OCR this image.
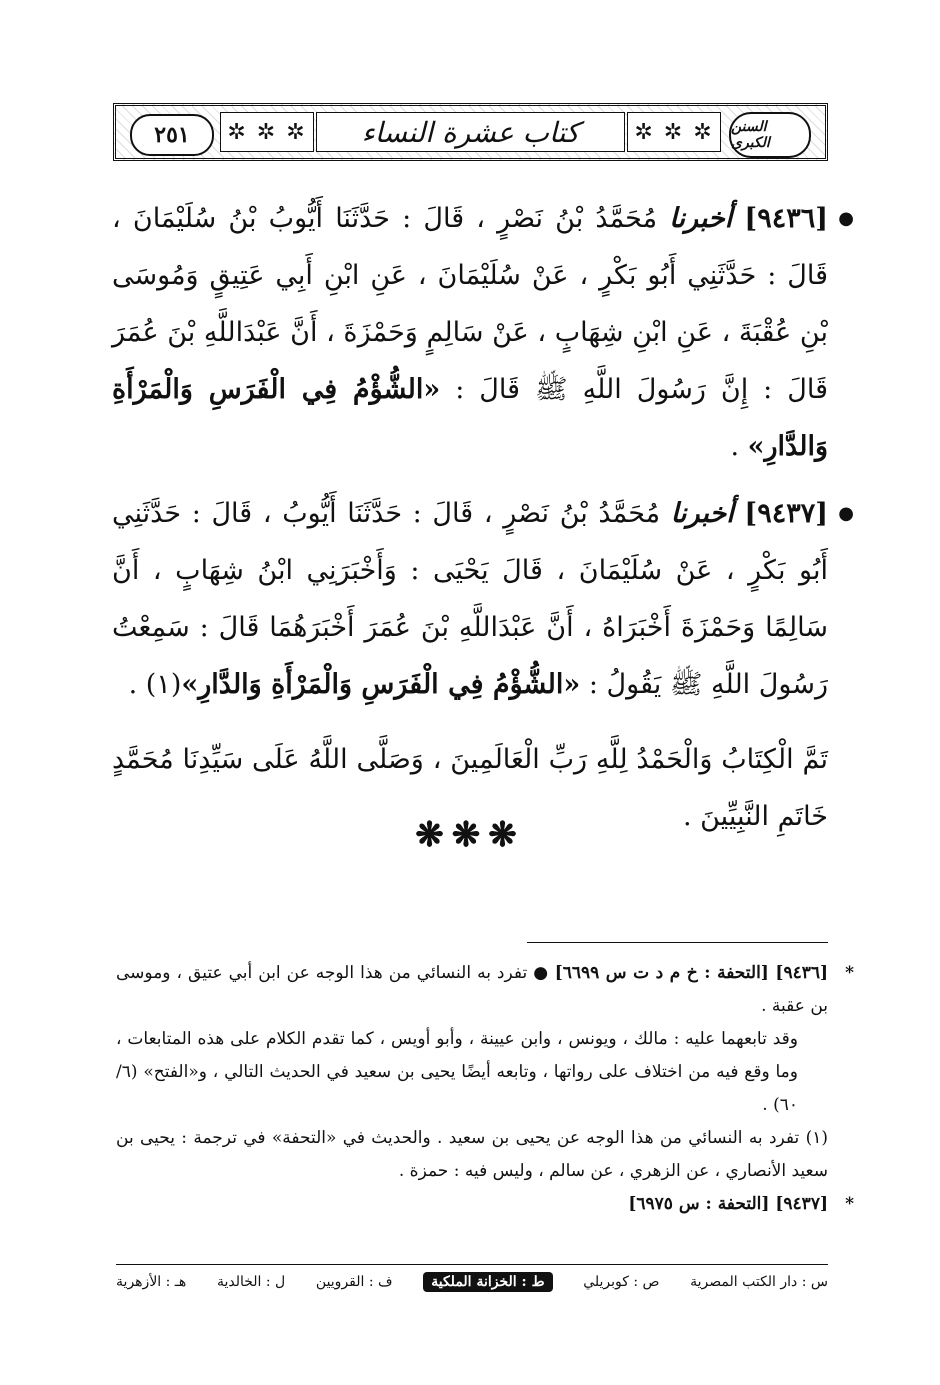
السنن الكبرى
✲ ✲ ✲
كتاب عشرة النساء
✲ ✲ ✲
٢٥١

●
[٩٤٣٦] أخبرنا مُحَمَّدُ بْنُ نَصْرٍ ، قَالَ : حَدَّثَنَا أَيُّوبُ بْنُ سُلَيْمَانَ ، قَالَ : حَدَّثَنِي أَبُو بَكْرٍ ، عَنْ سُلَيْمَانَ ، عَنِ ابْنِ أَبِي عَتِيقٍ وَمُوسَى بْنِ عُقْبَةَ ، عَنِ ابْنِ شِهَابٍ ، عَنْ سَالِمٍ وَحَمْزَةَ ، أَنَّ عَبْدَاللَّهِ بْنَ عُمَرَ قَالَ : إِنَّ رَسُولَ اللَّهِ ﷺ قَالَ : «الشُّؤْمُ فِي الْفَرَسِ وَالْمَرْأَةِ وَالدَّارِ» .

●
[٩٤٣٧] أخبرنا مُحَمَّدُ بْنُ نَصْرٍ ، قَالَ : حَدَّثَنَا أَيُّوبُ ، قَالَ : حَدَّثَنِي أَبُو بَكْرٍ ، عَنْ سُلَيْمَانَ ، قَالَ يَحْيَى : وَأَخْبَرَنِي ابْنُ شِهَابٍ ، أَنَّ سَالِمًا وَحَمْزَةَ أَخْبَرَاهُ ، أَنَّ عَبْدَاللَّهِ بْنَ عُمَرَ أَخْبَرَهُمَا قَالَ : سَمِعْتُ رَسُولَ اللَّهِ ﷺ يَقُولُ : «الشُّؤْمُ فِي الْفَرَسِ وَالْمَرْأَةِ وَالدَّارِ»(١) .

تَمَّ الْكِتَابُ وَالْحَمْدُ لِلَّهِ رَبِّ الْعَالَمِينَ ، وَصَلَّى اللَّهُ عَلَى سَيِّدِنَا مُحَمَّدٍ خَاتَمِ النَّبِيِّينَ .

❋❋❋

*
[٩٤٣٦] [التحفة : خ م د ت س ٦٦٩٩] ● تفرد به النسائي من هذا الوجه عن ابن أبي عتيق ، وموسى بن عقبة .

وقد تابعهما عليه : مالك ، ويونس ، وابن عيينة ، وأبو أويس ، كما تقدم الكلام على هذه المتابعات ، وما وقع فيه من اختلاف على رواتها ، وتابعه أيضًا يحيى بن سعيد في الحديث التالي ، و«الفتح» (٦/ ٦٠) .

(١) تفرد به النسائي من هذا الوجه عن يحيى بن سعيد . والحديث في «التحفة» في ترجمة : يحيى بن سعيد الأنصاري ، عن الزهري ، عن سالم ، وليس فيه : حمزة .

*
[٩٤٣٧] [التحفة : س ٦٩٧٥]

س : دار الكتب المصرية
ص : كوبريلي
ط : الخزانة الملكية
ف : القرويين
ل : الخالدية
هـ : الأزهرية
